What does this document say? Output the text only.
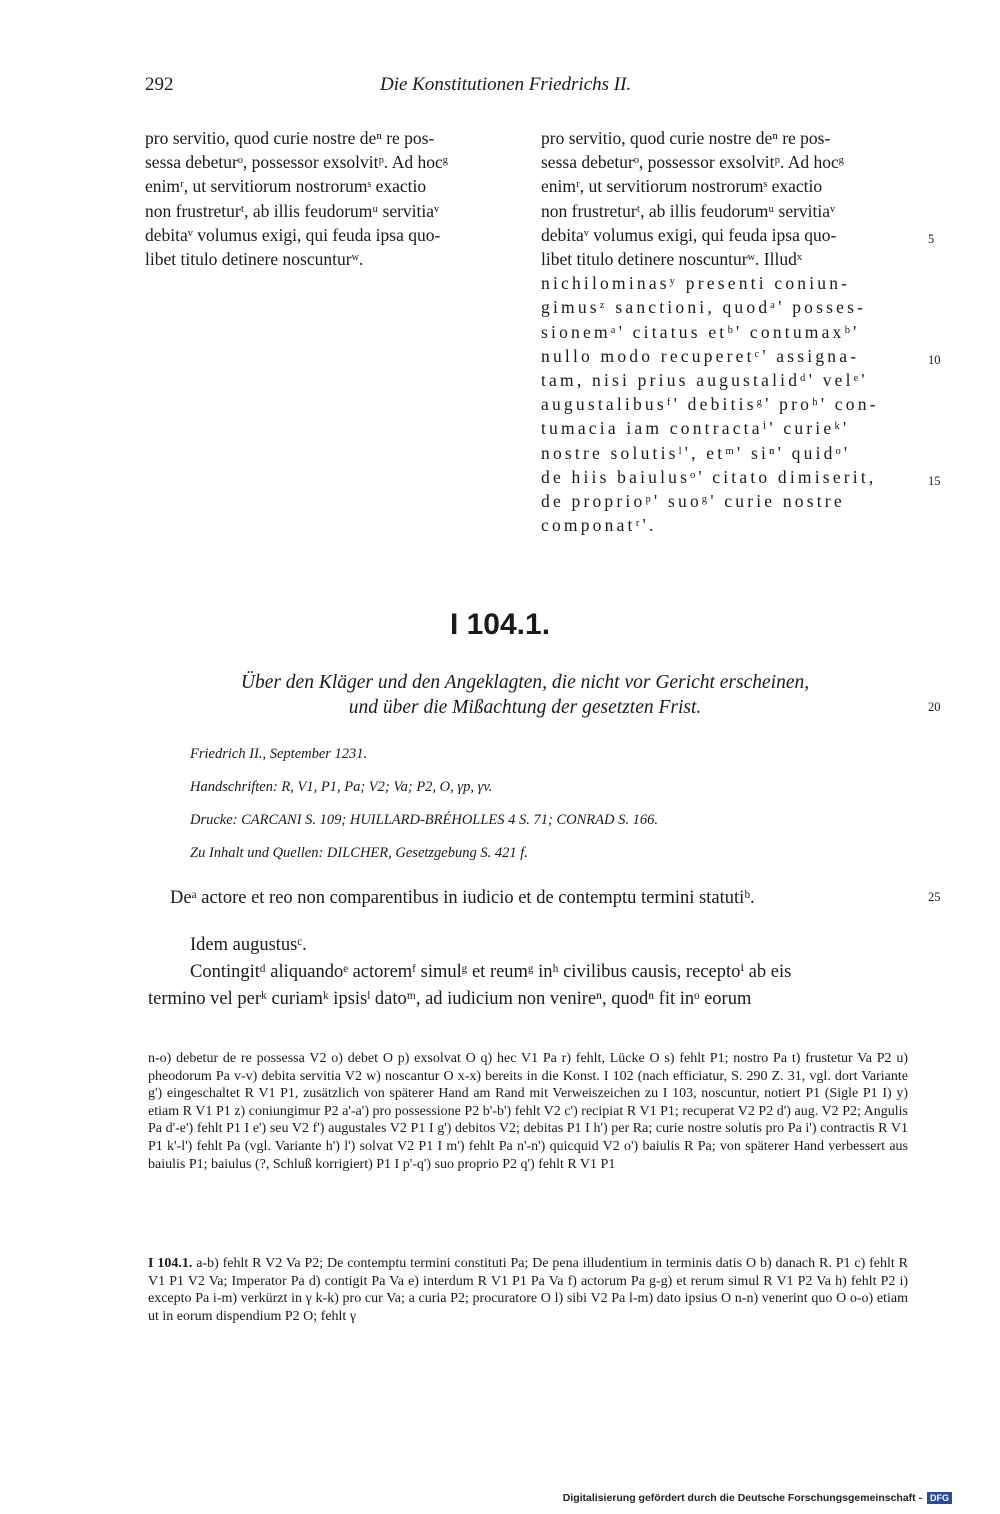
292	Die Konstitutionen Friedrichs II.
pro servitio, quod curie nostre deⁿ re pos-
sessa debeturᵒ, possessor exsolvitᵖ. Ad hocᵍ
enimʳ, ut servitiorum nostrorumˢ exactio
non frustreturᵗ, ab illis feudorumᵘ servitiaᵛ
debitaᵛ volumus exigi, qui feuda ipsa quo-
libet titulo detinere noscunturʷ.
pro servitio, quod curie nostre deⁿ re pos-
sessa debeturᵒ, possessor exsolvitᵖ. Ad hocᵍ
enimʳ, ut servitiorum nostrorumˢ exactio
non frustreturᵗ, ab illis feudorumᵘ servitiaᵛ
debitaᵛ volumus exigi, qui feuda ipsa quo-
libet titulo detinere noscunturʷ. Illudˣ
nichilominasʸ presenti coniun-
gimusᶻ sanctioni, quodᵃ' posses-
sionemᵃ' citatus etᵇ' contumaxᵇ'
nullo modo recuperetᶜ' assigna-
tam, nisi prius augustalidᵈ' velᵉ'
augustalibusᶠ' debitisᵍ' proʰ' con-
tumacia iam contractaⁱ' curieᵏ'
nostre solutisˡ', etᵐ' siⁿ' quidᵒ'
de hiis baiulusᵒ' citato dimiserit,
de proprioᵖ' suoᵍ' curie nostre
componatʳ'.
5
10
15
I 104.1.
Über den Kläger und den Angeklagten, die nicht vor Gericht erscheinen,
und über die Mißachtung der gesetzten Frist.	20
Friedrich II., September 1231.
Handschriften: R, V1, P1, Pa; V2; Va; P2, O, γp, γv.
Drucke: CARCANI S. 109; HUILLARD-BRÉHOLLES 4 S. 71; CONRAD S. 166.
Zu Inhalt und Quellen: DILCHER, Gesetzgebung S. 421 f.
Deᵃ actore et reo non comparentibus in iudicio et de contemptu termini statutiᵇ.	25
Idem augustusᶜ.
Contingitᵈ aliquandoᵉ actoremᶠ simulᵍ et reumᵍ inʰ civilibus causis, receptoⁱ ab eis
termino vel perᵏ curiamᵏ ipsisˡ datoᵐ, ad iudicium non venireⁿ, quodⁿ fit inᵒ eorum

n-o) debetur de re possessa V2 o) debet O p) exsolvat O q) hec V1 Pa r) fehlt, Lücke O s) fehlt P1; nostro Pa t) frustetur Va P2 u) pheodorum Pa v-v) debita servitia V2 w) noscantur O x-x) bereits in die Konst. I 102 (nach efficiatur, S. 290 Z. 31, vgl. dort Variante g') eingeschaltet R V1 P1, zusätzlich von späterer Hand am Rand mit Verweiszeichen zu I 103, noscuntur, notiert P1 (Sigle P1 I) y) etiam R V1 P1 z) coniungimur P2 a'-a') pro possessione P2 b'-b') fehlt V2 c') recipiat R V1 P1; recuperat V2 P2 d') aug. V2 P2; Angulis Pa d'-e') fehlt P1 I e') seu V2 f') augustales V2 P1 I g') debitos V2; debitas P1 I h') per Ra; curie nostre solutis pro Pa i') contractis R V1 P1 k'-l') fehlt Pa (vgl. Variante h') l') solvat V2 P1 I m') fehlt Pa n'-n') quicquid V2 o') baiulis R Pa; von späterer Hand verbessert aus baiulis P1; baiulus (?, Schluß korrigiert) P1 I p'-q') suo proprio P2 q') fehlt R V1 P1

I 104.1. a-b) fehlt R V2 Va P2; De contemptu termini constituti Pa; De pena illudentium in terminis datis O b) danach R. P1 c) fehlt R V1 P1 V2 Va; Imperator Pa d) contigit Pa Va e) interdum R V1 P1 Pa Va f) actorum Pa g-g) et rerum simul R V1 P2 Va h) fehlt P2 i) excepto Pa i-m) verkürzt in γ k-k) pro cur Va; a curia P2; procuratore O l) sibi V2 Pa l-m) dato ipsius O n-n) venerint quo O o-o) etiam ut in eorum dispendium P2 O; fehlt γ

Digitalisierung gefördert durch die Deutsche Forschungsgemeinschaft - DFG
